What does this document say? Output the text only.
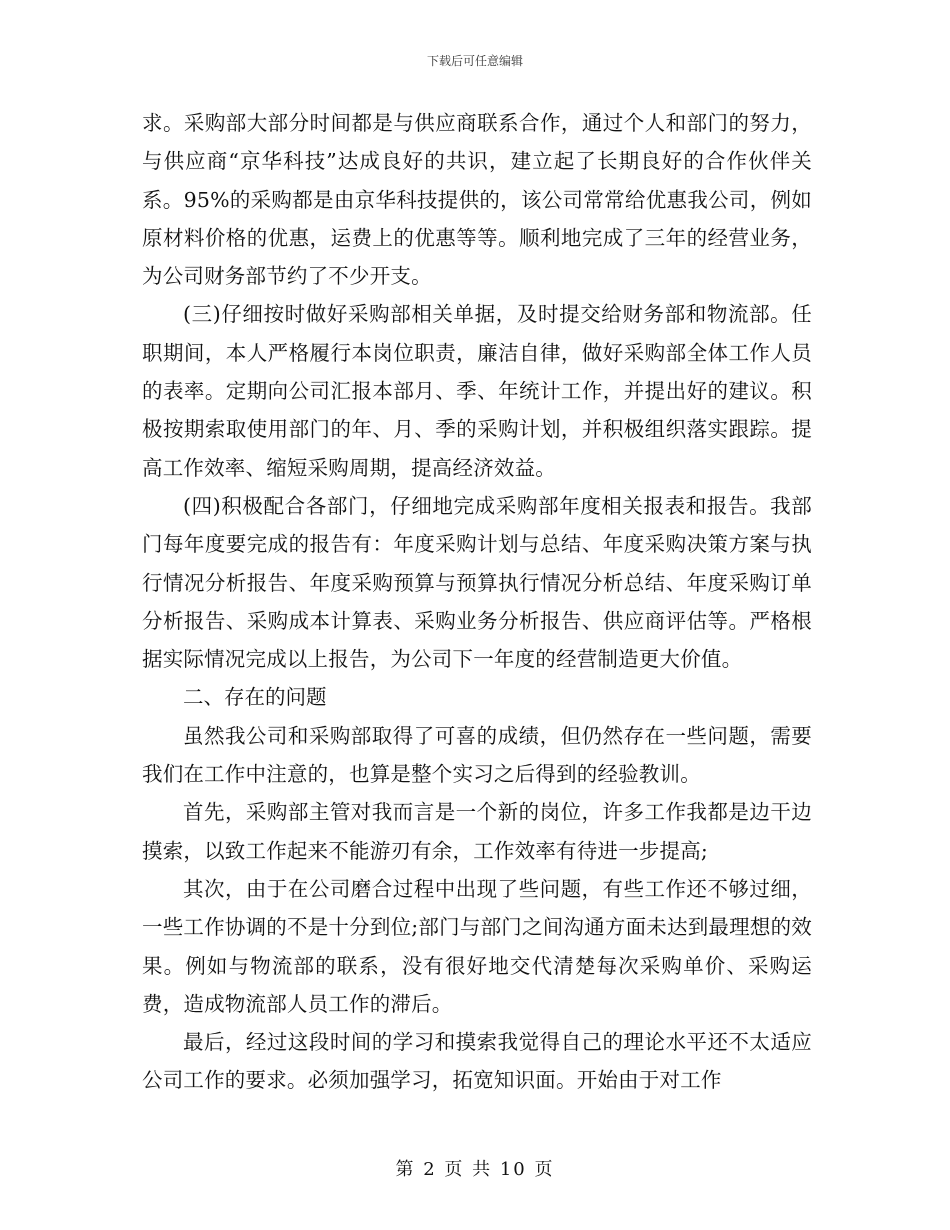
下载后可任意编辑

求。采购部大部分时间都是与供应商联系合作，通过个人和部门的努力，与供应商“京华科技”达成良好的共识，建立起了长期良好的合作伙伴关系。95%的采购都是由京华科技提供的，该公司常常给优惠我公司，例如原材料价格的优惠，运费上的优惠等等。顺利地完成了三年的经营业务，为公司财务部节约了不少开支。

(三)仔细按时做好采购部相关单据，及时提交给财务部和物流部。任职期间，本人严格履行本岗位职责，廉洁自律，做好采购部全体工作人员的表率。定期向公司汇报本部月、季、年统计工作，并提出好的建议。积极按期索取使用部门的年、月、季的采购计划，并积极组织落实跟踪。提高工作效率、缩短采购周期，提高经济效益。

(四)积极配合各部门，仔细地完成采购部年度相关报表和报告。我部门每年度要完成的报告有：年度采购计划与总结、年度采购决策方案与执行情况分析报告、年度采购预算与预算执行情况分析总结、年度采购订单分析报告、采购成本计算表、采购业务分析报告、供应商评估等。严格根据实际情况完成以上报告，为公司下一年度的经营制造更大价值。

二、存在的问题

虽然我公司和采购部取得了可喜的成绩，但仍然存在一些问题，需要我们在工作中注意的，也算是整个实习之后得到的经验教训。

首先，采购部主管对我而言是一个新的岗位，许多工作我都是边干边摸索，以致工作起来不能游刃有余，工作效率有待进一步提高;

其次，由于在公司磨合过程中出现了些问题，有些工作还不够过细，一些工作协调的不是十分到位;部门与部门之间沟通方面未达到最理想的效果。例如与物流部的联系，没有很好地交代清楚每次采购单价、采购运费，造成物流部人员工作的滞后。

最后，经过这段时间的学习和摸索我觉得自己的理论水平还不太适应公司工作的要求。必须加强学习，拓宽知识面。开始由于对工作

第 2 页 共 10 页
